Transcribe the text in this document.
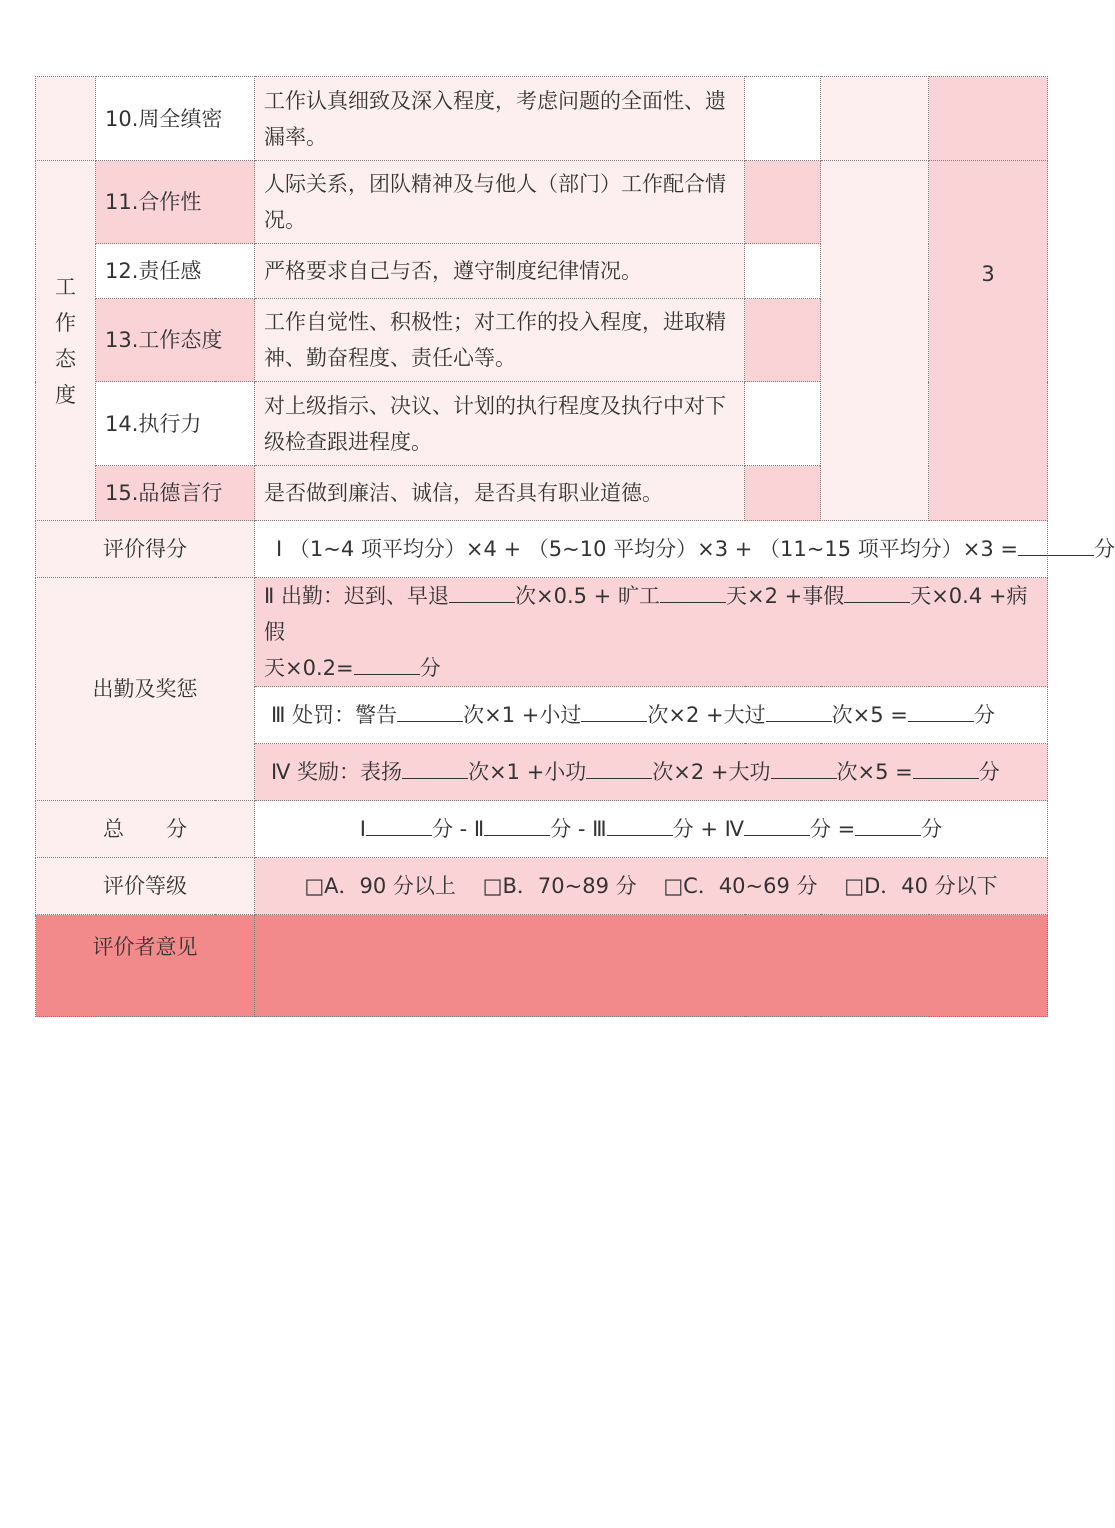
	10.周全缜密	工作认真细致及深入程度，考虑问题的全面性、遗漏率。			

工
作
态
度	11.合作性	人际关系，团队精神及与他人（部门）工作配合情况。			3
	12.责任感	严格要求自己与否，遵守制度纪律情况。			
	13.工作态度	工作自觉性、积极性；对工作的投入程度，进取精神、勤奋程度、责任心等。			
	14.执行力	对上级指示、决议、计划的执行程度及执行中对下级检查跟进程度。			
	15.品德言行	是否做到廉洁、诚信，是否具有职业道德。			
评价得分		Ⅰ （1~4 项平均分）×4 + （5~10 平均分）×3 + （11~15 项平均分）×3 = 分			
出勤及奖惩		Ⅱ 出勤：迟到、早退 次×0.5 + 旷工 天×2 +事假 天×0.4 +病假
天×0.2= 分			
		Ⅲ 处罚：警告 次×1 +小过 次×2 +大过 次×5 = 分			
		Ⅳ 奖励：表扬 次×1 +小功 次×2 +大功 次×5 = 分			
总　　分		Ⅰ 分 - Ⅱ 分 - Ⅲ 分 + Ⅳ 分 = 分			
评价等级		□A．90 分以上 □B．70~89 分 □C．40~69 分 □D．40 分以下			
评价者意见					
